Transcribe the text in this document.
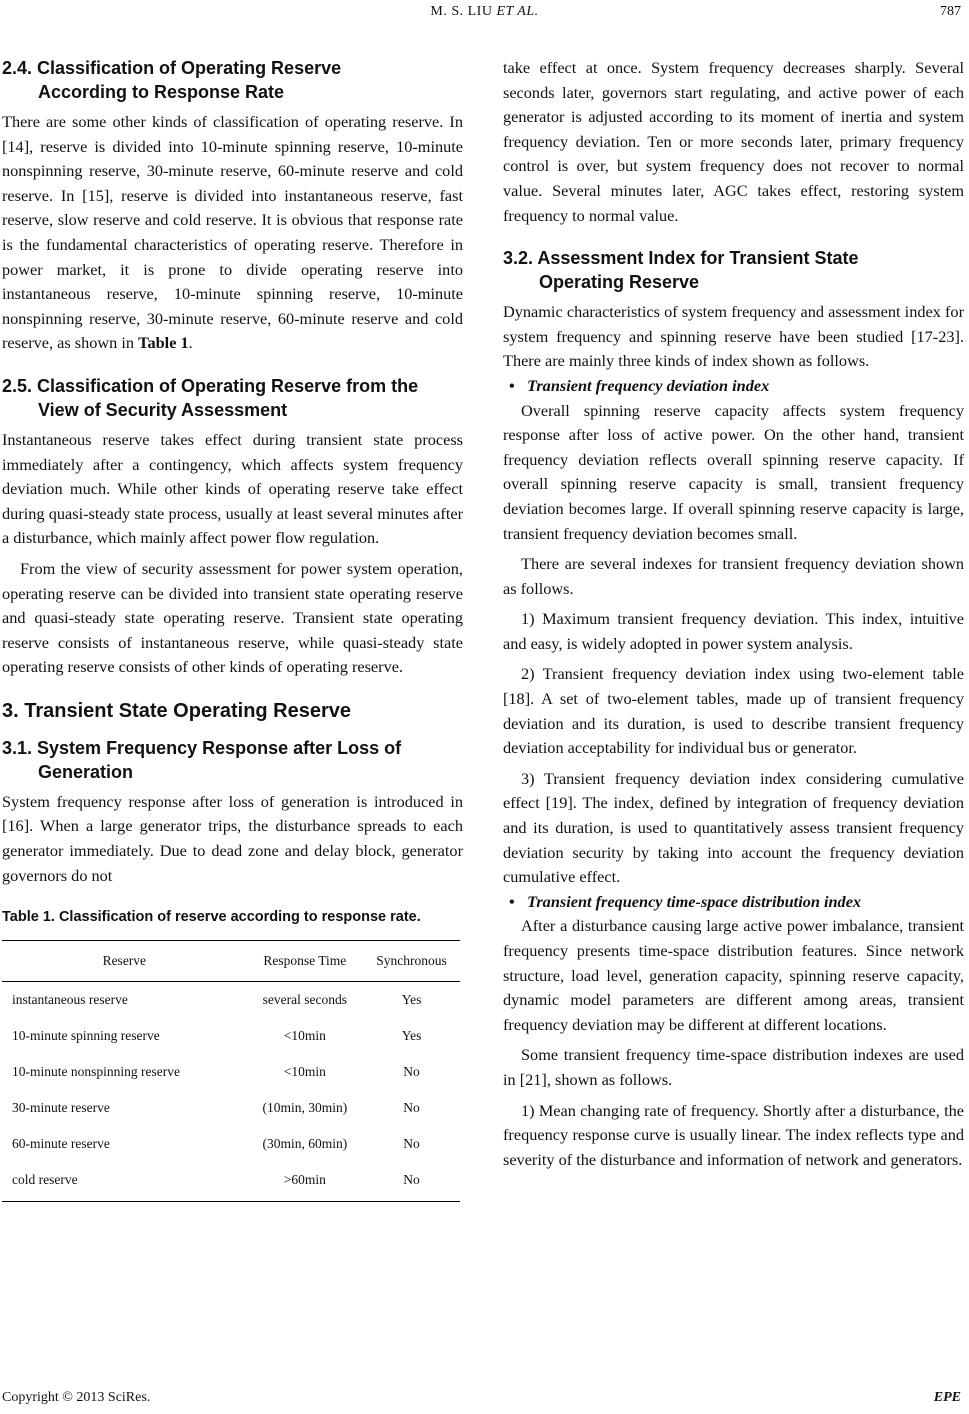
M. S. LIU ET AL.	787
2.4. Classification of Operating Reserve
According to Response Rate

There are some other kinds of classification of operating reserve. In [14], reserve is divided into 10-minute spinning reserve, 10-minute nonspinning reserve, 30-minute reserve, 60-minute reserve and cold reserve. In [15], reserve is divided into instantaneous reserve, fast reserve, slow reserve and cold reserve. It is obvious that response rate is the fundamental characteristics of operating reserve. Therefore in power market, it is prone to divide operating reserve into instantaneous reserve, 10-minute spinning reserve, 10-minute nonspinning reserve, 30-minute reserve, 60-minute reserve and cold reserve, as shown in Table 1.

2.5. Classification of Operating Reserve from the
View of Security Assessment

Instantaneous reserve takes effect during transient state process immediately after a contingency, which affects system frequency deviation much. While other kinds of operating reserve take effect during quasi-steady state process, usually at least several minutes after a disturbance, which mainly affect power flow regulation.

From the view of security assessment for power system operation, operating reserve can be divided into transient state operating reserve and quasi-steady state operating reserve. Transient state operating reserve consists of instantaneous reserve, while quasi-steady state operating reserve consists of other kinds of operating reserve.

3. Transient State Operating Reserve
3.1. System Frequency Response after Loss of
Generation

System frequency response after loss of generation is introduced in [16]. When a large generator trips, the disturbance spreads to each generator immediately. Due to dead zone and delay block, generator governors do not

Table 1. Classification of reserve according to response rate.

Reserve	Response Time	Synchronous
instantaneous reserve	several seconds	Yes
10-minute spinning reserve	<10min	Yes
10-minute nonspinning reserve	<10min	No
30-minute reserve	(10min, 30min)	No
60-minute reserve	(30min, 60min)	No
cold reserve	>60min	No

take effect at once. System frequency decreases sharply. Several seconds later, governors start regulating, and active power of each generator is adjusted according to its moment of inertia and system frequency deviation. Ten or more seconds later, primary frequency control is over, but system frequency does not recover to normal value. Several minutes later, AGC takes effect, restoring system frequency to normal value.

3.2. Assessment Index for Transient State
Operating Reserve

Dynamic characteristics of system frequency and assessment index for system frequency and spinning reserve have been studied [17-23]. There are mainly three kinds of index shown as follows.

• Transient frequency deviation index

Overall spinning reserve capacity affects system frequency response after loss of active power. On the other hand, transient frequency deviation reflects overall spinning reserve capacity. If overall spinning reserve capacity is small, transient frequency deviation becomes large. If overall spinning reserve capacity is large, transient frequency deviation becomes small.

There are several indexes for transient frequency deviation shown as follows.

1) Maximum transient frequency deviation. This index, intuitive and easy, is widely adopted in power system analysis.

2) Transient frequency deviation index using two-element table [18]. A set of two-element tables, made up of transient frequency deviation and its duration, is used to describe transient frequency deviation acceptability for individual bus or generator.

3) Transient frequency deviation index considering cumulative effect [19]. The index, defined by integration of frequency deviation and its duration, is used to quantitatively assess transient frequency deviation security by taking into account the frequency deviation cumulative effect.

• Transient frequency time-space distribution index

After a disturbance causing large active power imbalance, transient frequency presents time-space distribution features. Since network structure, load level, generation capacity, spinning reserve capacity, dynamic model parameters are different among areas, transient frequency deviation may be different at different locations.

Some transient frequency time-space distribution indexes are used in [21], shown as follows.

1) Mean changing rate of frequency. Shortly after a disturbance, the frequency response curve is usually linear. The index reflects type and severity of the disturbance and information of network and generators.

Copyright © 2013 SciRes.	EPE
